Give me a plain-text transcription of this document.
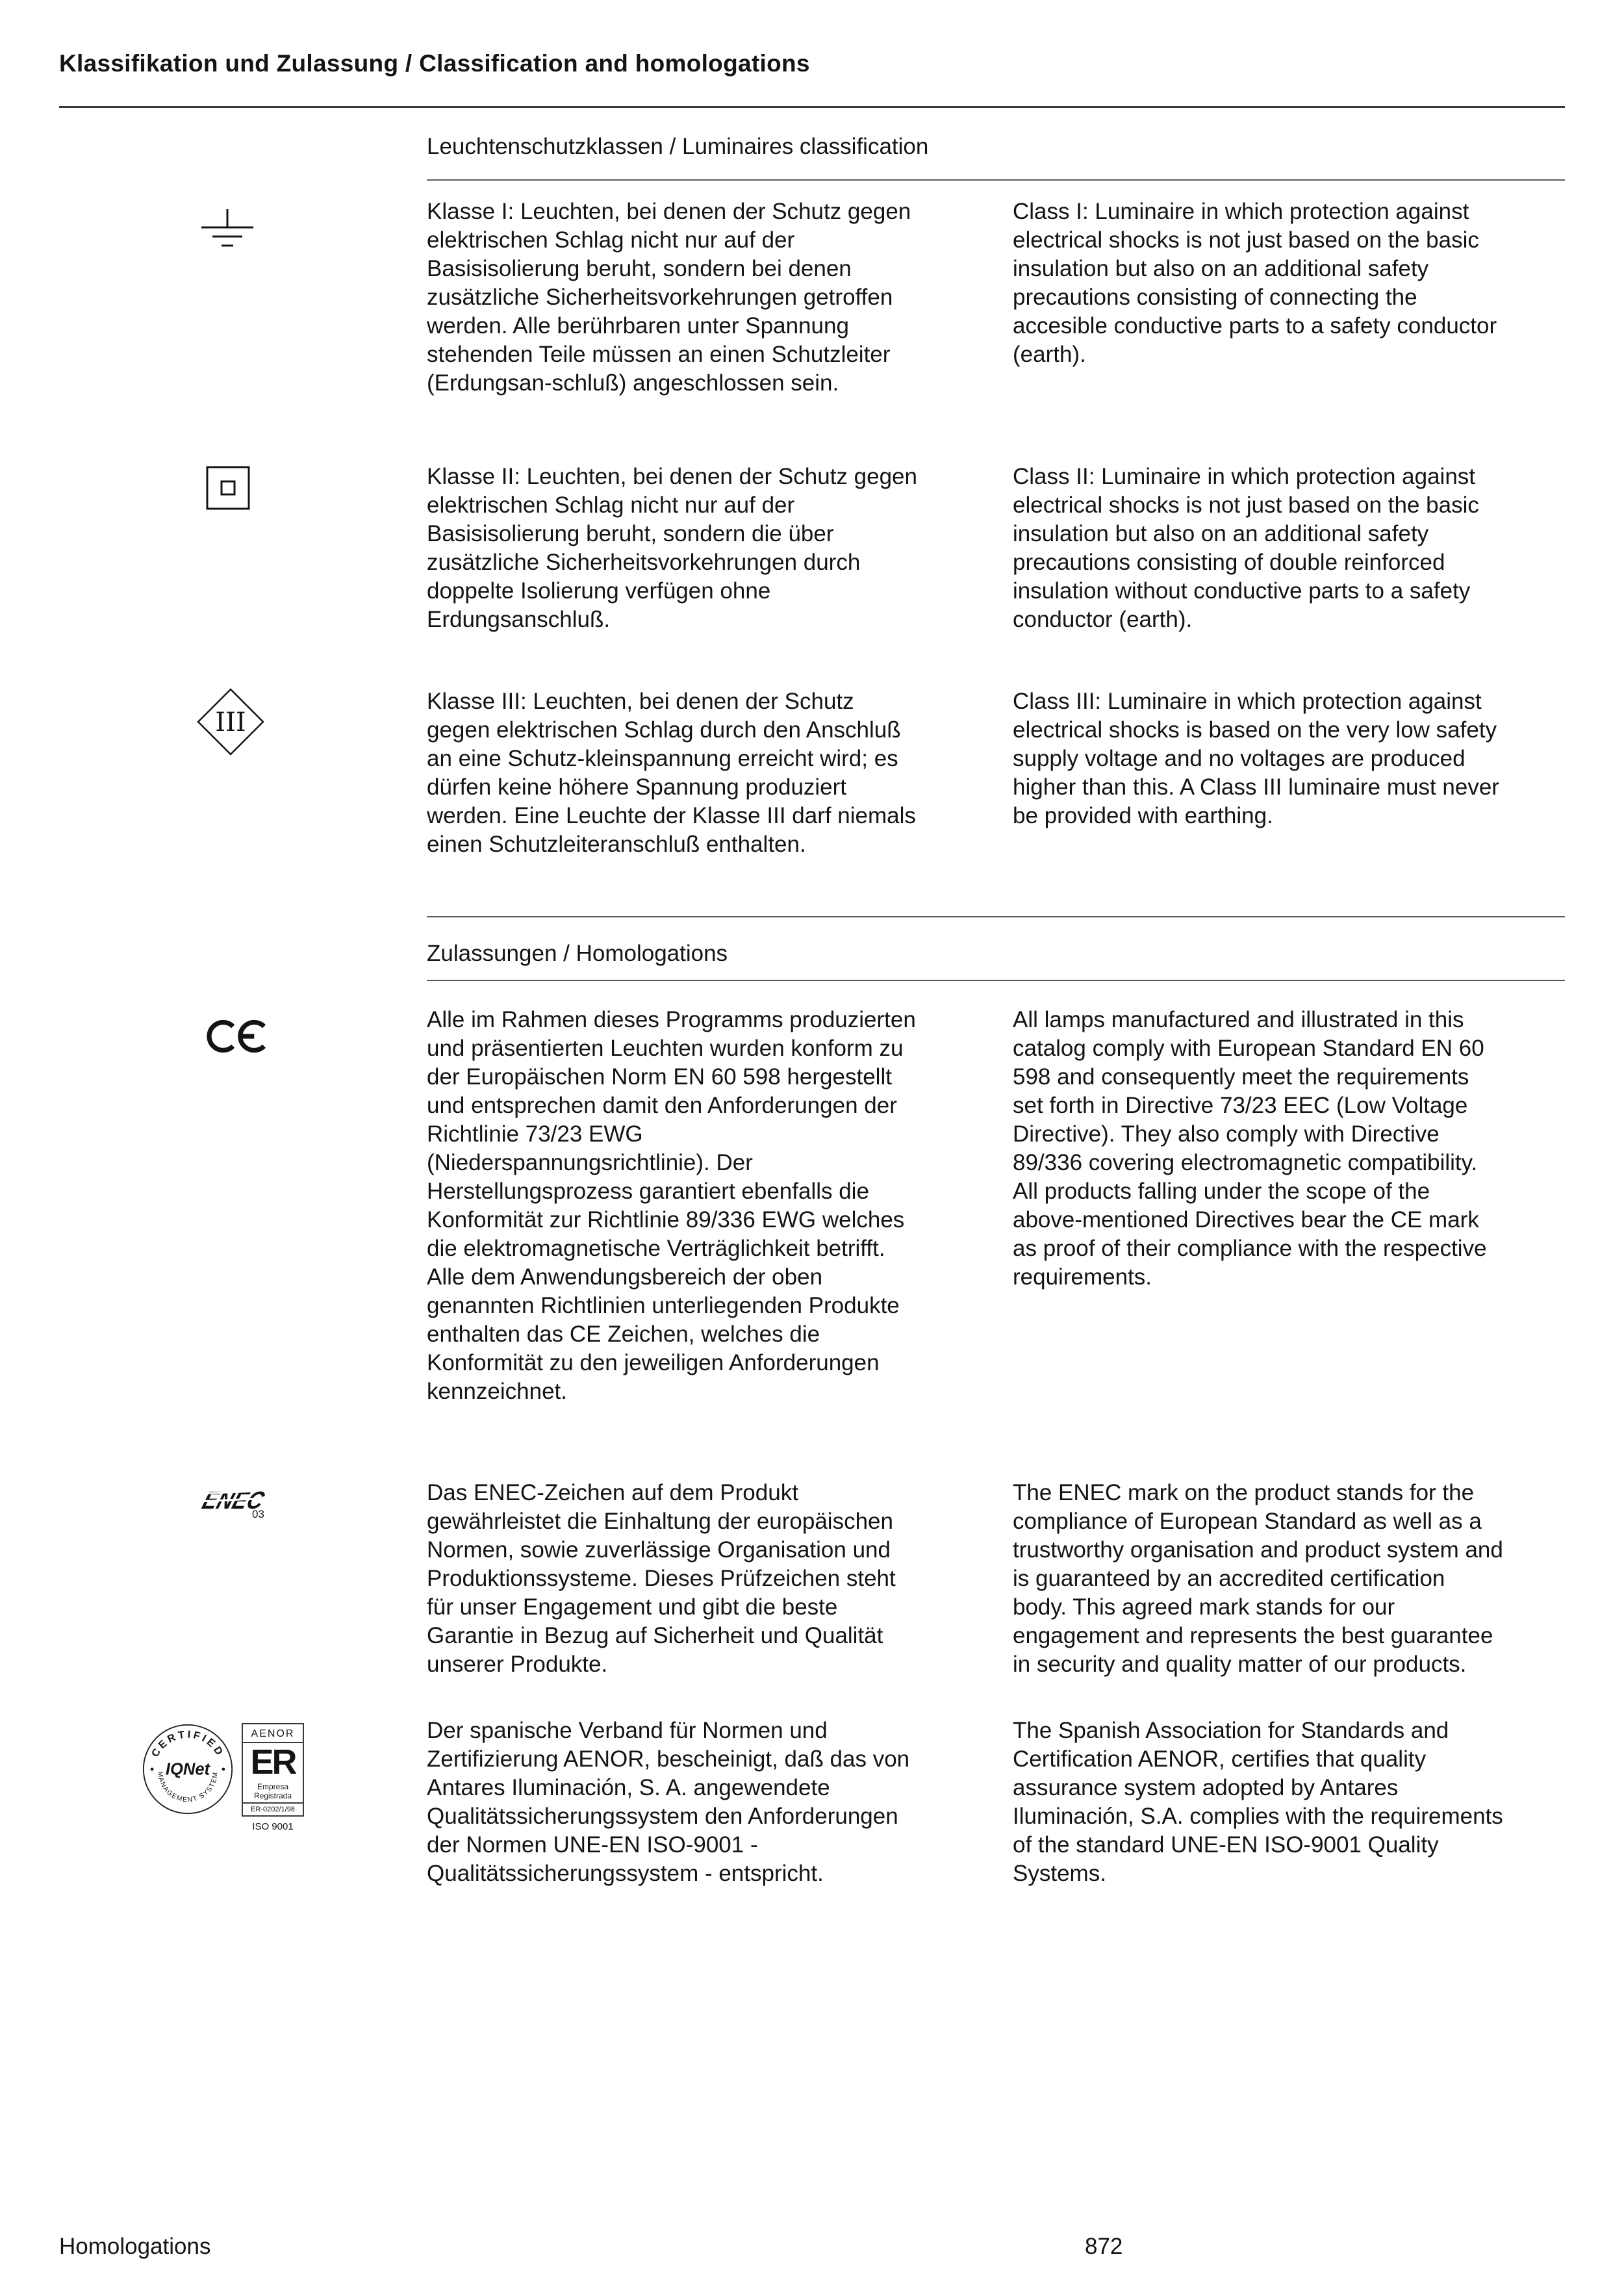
Klassifikation und Zulassung / Classification and homologations
Leuchtenschutzklassen / Luminaires classification

Klasse I: Leuchten, bei denen der Schutz gegen elektrischen Schlag nicht nur auf der Basisisolierung beruht, sondern bei denen zusätzliche Sicherheitsvorkehrungen getroffen werden. Alle berührbaren unter Spannung stehenden Teile müssen an einen Schutzleiter (Erdungsan-schluß) angeschlossen sein.

Class I: Luminaire in which protection against electrical shocks is not just based on the basic insulation but also on an additional safety precautions consisting of connecting the accesible conductive parts to a safety conductor (earth).

Klasse II: Leuchten, bei denen der Schutz gegen elektrischen Schlag nicht nur auf der Basisisolierung beruht, sondern die über zusätzliche Sicherheitsvorkehrungen durch doppelte Isolierung verfügen ohne Erdungsanschluß.

Class II: Luminaire in which protection against electrical shocks is not just based on the basic insulation but also on an additional safety precautions consisting of double reinforced insulation without conductive parts to a safety conductor (earth).

III

Klasse III: Leuchten, bei denen der Schutz gegen elektrischen Schlag durch den Anschluß an eine Schutz-kleinspannung erreicht wird; es dürfen keine höhere Spannung produziert werden. Eine Leuchte der Klasse III darf niemals einen Schutzleiteranschluß enthalten.

Class III: Luminaire in which protection against electrical shocks is based on the very low safety supply voltage and no voltages are produced higher than this. A Class III luminaire must never be provided with earthing.

Zulassungen / Homologations

Alle im Rahmen dieses Programms produzierten und präsentierten Leuchten wurden konform zu der Europäischen Norm EN 60 598 hergestellt und entsprechen damit den Anforderungen der Richtlinie 73/23 EWG (Niederspannungsrichtlinie). Der Herstellungsprozess garantiert ebenfalls die Konformität zur Richtlinie 89/336 EWG welches die elektromagnetische Verträglichkeit betrifft. Alle dem Anwendungsbereich der oben genannten Richtlinien unterliegenden Produkte enthalten das CE Zeichen, welches die Konformität zu den jeweiligen Anforderungen kennzeichnet.

All lamps manufactured and illustrated in this catalog comply with European Standard EN 60 598 and consequently meet the requirements set forth in Directive 73/23 EEC (Low Voltage Directive). They also comply with Directive 89/336 covering electromagnetic compatibility. All products falling under the scope of the above-mentioned Directives bear the CE mark as proof of their compliance with the respective requirements.

ENEC
03

Das ENEC-Zeichen auf dem Produkt gewährleistet die Einhaltung der europäischen Normen, sowie zuverlässige Organisation und Produktionssysteme. Dieses Prüfzeichen steht für unser Engagement und gibt die beste Garantie in Bezug auf Sicherheit und Qualität unserer Produkte.

The ENEC mark on the product stands for the compliance of European Standard as well as a trustworthy organisation and product system and is guaranteed by an accredited certification body. This agreed mark stands for our engagement and represents the best guarantee in security and quality matter of our products.

CERTIFIED
IQNet
MANAGEMENT SYSTEM
AENOR
ER
Empresa Registrada
ER-0202/1/98
ISO 9001

Der spanische Verband für Normen und Zertifizierung AENOR, bescheinigt, daß das von Antares Iluminación, S. A. angewendete Qualitätssicherungssystem den Anforderungen der Normen UNE-EN ISO-9001 - Qualitätssicherungssystem - entspricht.

The Spanish Association for Standards and Certification AENOR, certifies that quality assurance system adopted by Antares Iluminación, S.A. complies with the requirements of the standard UNE-EN ISO-9001 Quality Systems.

Homologations	872
